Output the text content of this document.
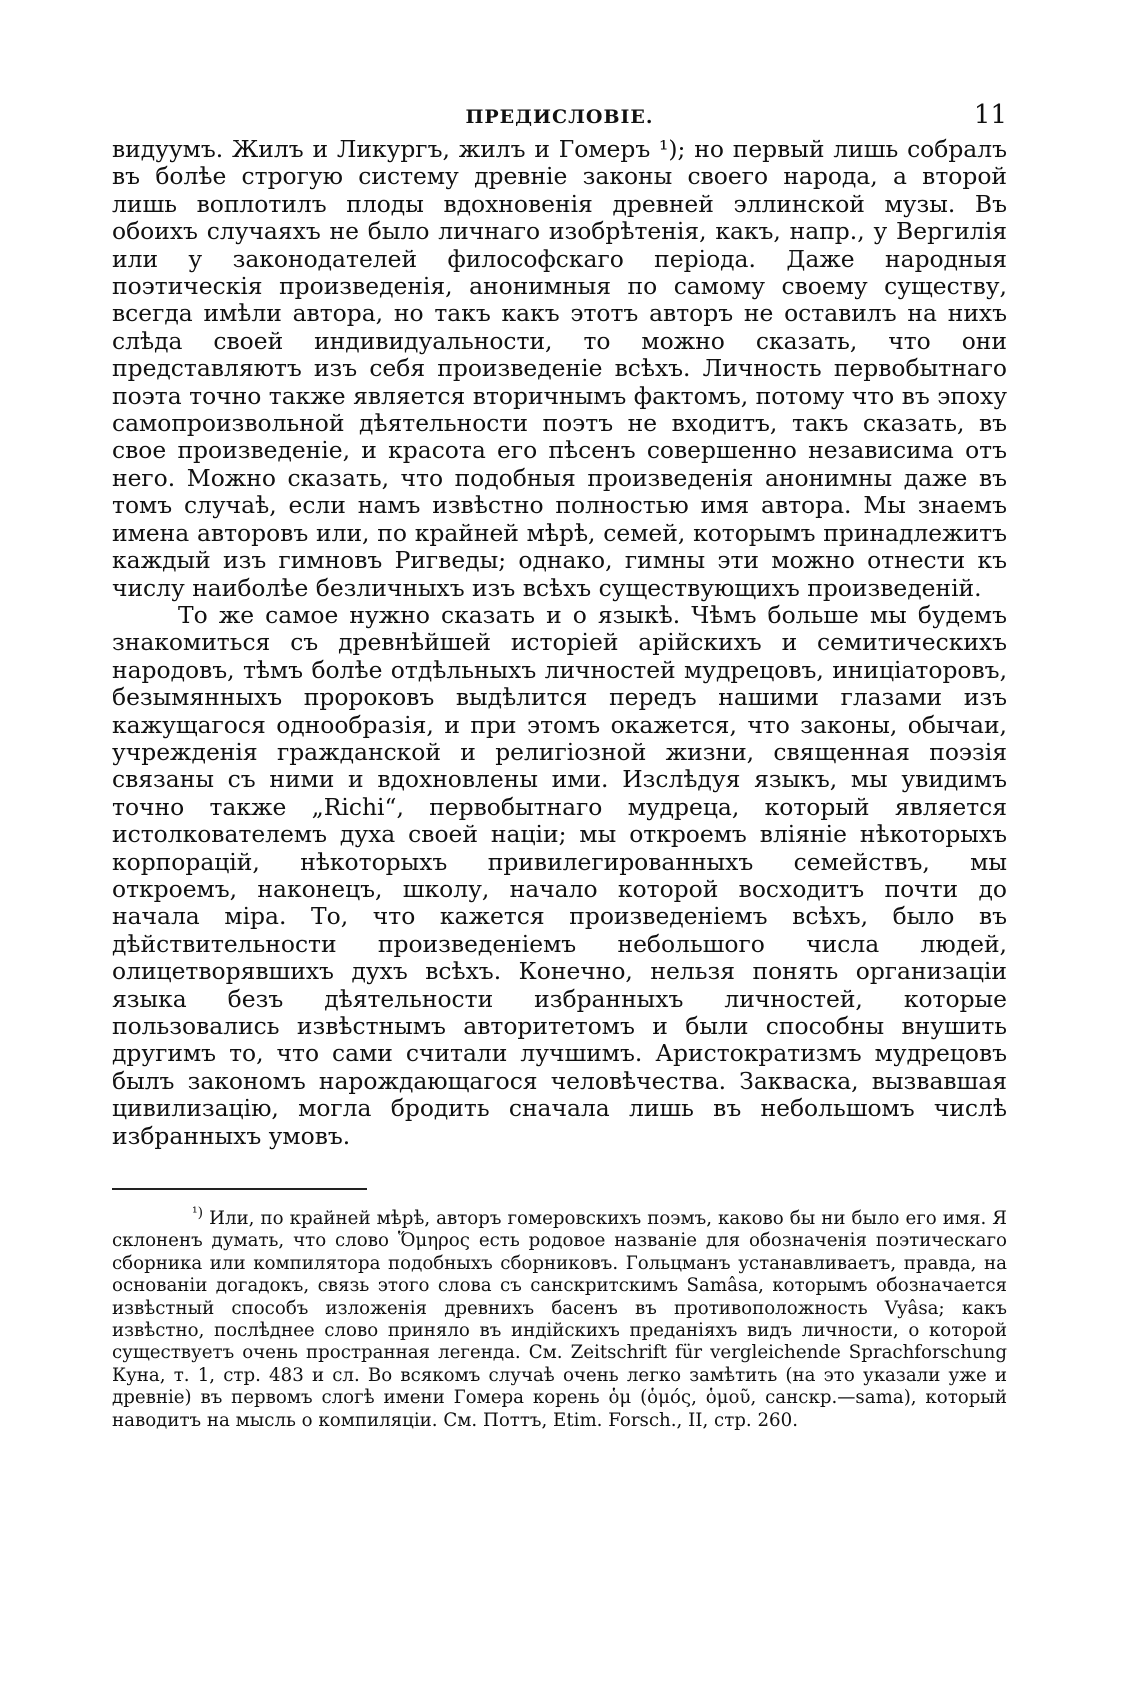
ПРЕДИСЛОВІЕ.	11

видуумъ. Жилъ и Ликургъ, жилъ и Гомеръ ¹); но первый лишь собралъ въ болѣе строгую систему древніе законы своего народа, а второй лишь воплотилъ плоды вдохновенія древней эллинской музы. Въ обоихъ случаяхъ не было личнаго изобрѣтенія, какъ, напр., у Вергилія или у законодателей философскаго періода. Даже народныя поэтическія произведенія, анонимныя по самому своему существу, всегда имѣли автора, но такъ какъ этотъ авторъ не оставилъ на нихъ слѣда своей индивидуальности, то можно сказать, что они представляютъ изъ себя произведеніе всѣхъ. Личность первобытнаго поэта точно также является вторичнымъ фактомъ, потому что въ эпоху самопроизвольной дѣятельности поэтъ не входитъ, такъ сказать, въ свое произведеніе, и красота его пѣсенъ совершенно независима отъ него. Можно сказать, что подобныя произведенія анонимны даже въ томъ случаѣ, если намъ извѣстно полностью имя автора. Мы знаемъ имена авторовъ или, по крайней мѣрѣ, семей, которымъ принадлежитъ каждый изъ гимновъ Ригведы; однако, гимны эти можно отнести къ числу наиболѣе безличныхъ изъ всѣхъ существующихъ произведеній.

То же самое нужно сказать и о языкѣ. Чѣмъ больше мы будемъ знакомиться съ древнѣйшей исторіей арійскихъ и семитическихъ народовъ, тѣмъ болѣе отдѣльныхъ личностей мудрецовъ, иниціаторовъ, безымянныхъ пророковъ выдѣлится передъ нашими глазами изъ кажущагося однообразія, и при этомъ окажется, что законы, обычаи, учрежденія гражданской и религіозной жизни, священная поэзія связаны съ ними и вдохновлены ими. Изслѣдуя языкъ, мы увидимъ точно также „Richi“, первобытнаго мудреца, который является истолкователемъ духа своей націи; мы откроемъ вліяніе нѣкоторыхъ корпорацій, нѣкоторыхъ привилегированныхъ семействъ, мы откроемъ, наконецъ, школу, начало которой восходитъ почти до начала міра. То, что кажется произведеніемъ всѣхъ, было въ дѣйствительности произведеніемъ небольшого числа людей, олицетворявшихъ духъ всѣхъ. Конечно, нельзя понять организаціи языка безъ дѣятельности избранныхъ личностей, которые пользовались извѣстнымъ авторитетомъ и были способны внушить другимъ то, что сами считали лучшимъ. Аристократизмъ мудрецовъ былъ закономъ нарождающагося человѣчества. Закваска, вызвавшая цивилизацію, могла бродить сначала лишь въ небольшомъ числѣ избранныхъ умовъ.

$^{^1)}$ Или, по крайней мѣрѣ, авторъ гомеровскихъ поэмъ, каково бы ни было его имя. Я склоненъ думать, что слово Ὅμηρος есть родовое названіе для обозначенія поэтическаго сборника или компилятора подобныхъ сборниковъ. Гольцманъ устанавливаетъ, правда, на основаніи догадокъ, связь этого слова съ санскритскимъ Samâsa, которымъ обозначается извѣстный способъ изложенія древнихъ басенъ въ противоположность Vyâsa; какъ извѣстно, послѣднее слово приняло въ индійскихъ преданіяхъ видъ личности, о которой существуетъ очень пространная легенда. См. Zeitschrift für vergleichende Sprachforschung Куна, т. 1, стр. 483 и сл. Во всякомъ случаѣ очень легко замѣтить (на это указали уже и древніе) въ первомъ слогѣ имени Гомера корень ὁμ (ὁμός, ὁμοῦ, санскр.—sama), который наводитъ на мысль о компиляціи. См. Поттъ, Etim. Forsch., II, стр. 260.
